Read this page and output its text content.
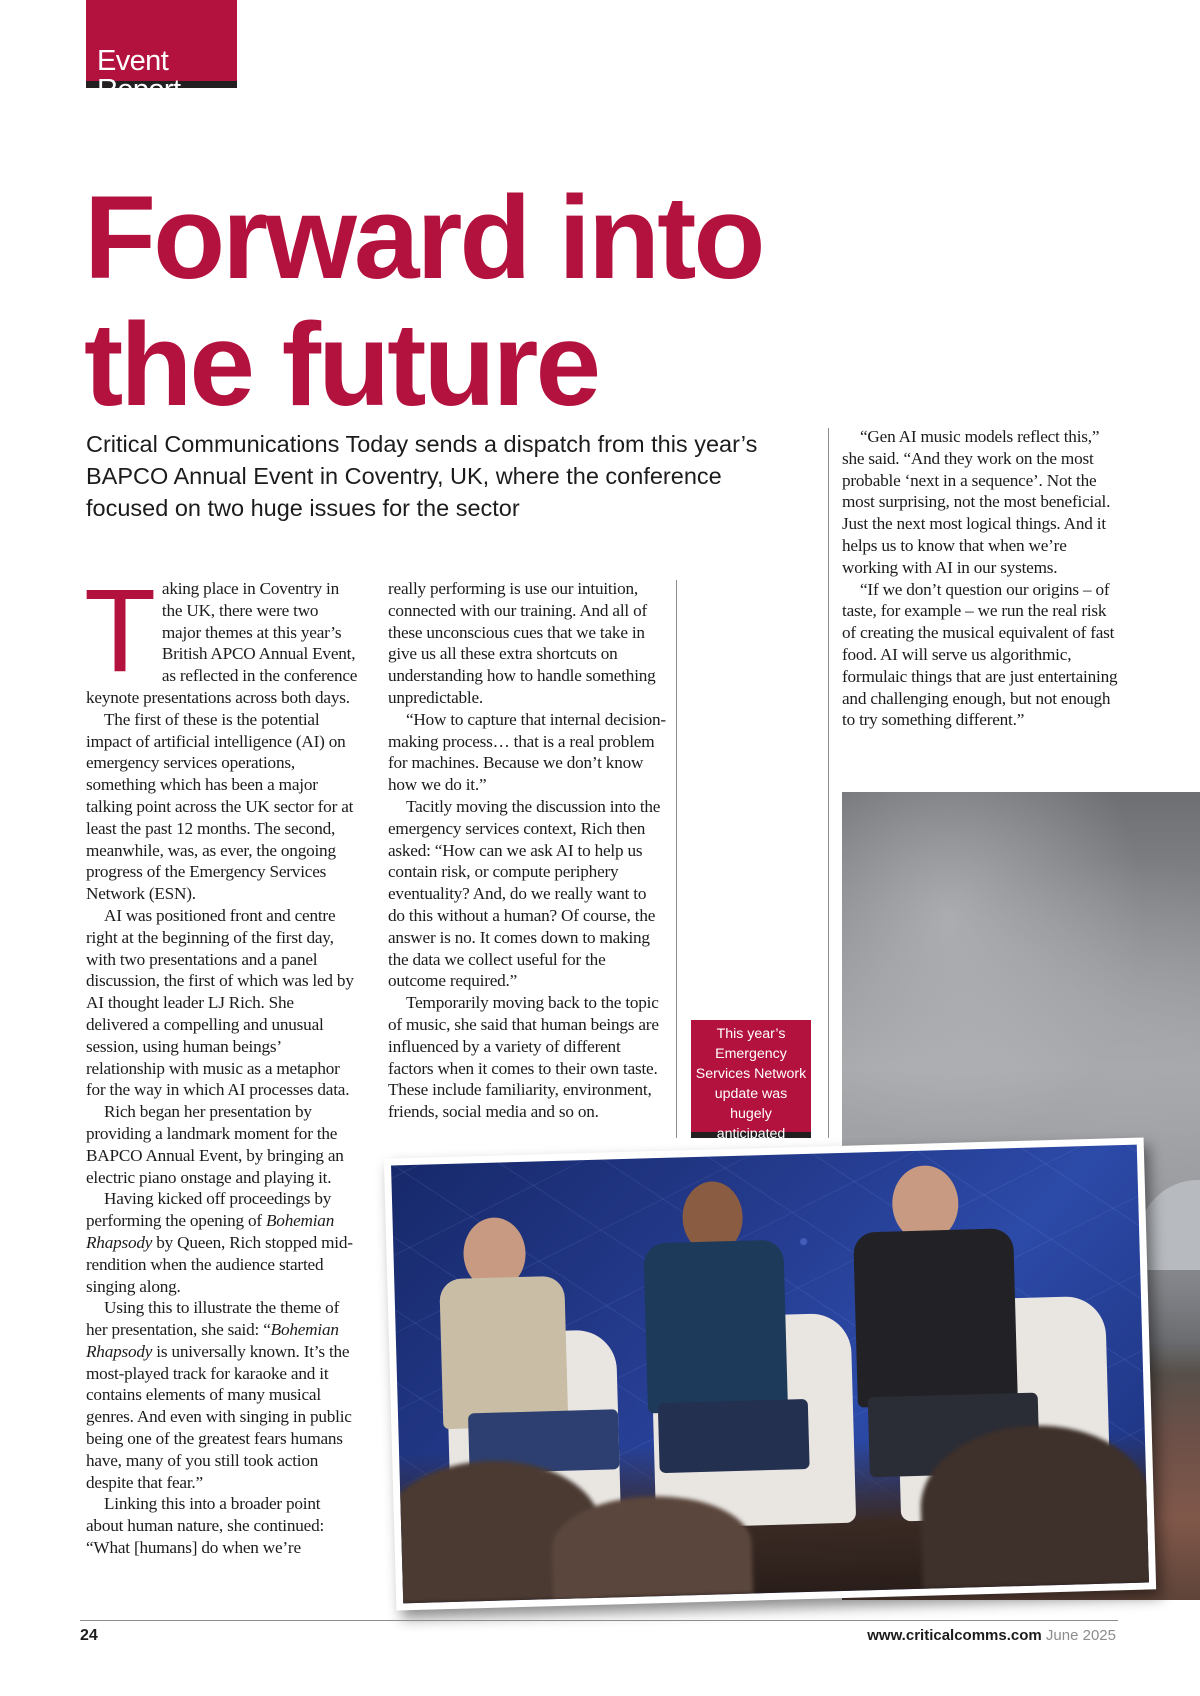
Event Report
Forward into the future

Critical Communications Today sends a dispatch from this year’s BAPCO Annual Event in Coventry, UK, where the conference focused on two huge issues for the sector

Taking place in Coventry in the UK, there were two major themes at this year’s British APCO Annual Event, as reflected in the conference keynote presentations across both days.

The first of these is the potential impact of artificial intelligence (AI) on emergency services operations, something which has been a major talking point across the UK sector for at least the past 12 months. The second, meanwhile, was, as ever, the ongoing progress of the Emergency Services Network (ESN).

AI was positioned front and centre right at the beginning of the first day, with two presentations and a panel discussion, the first of which was led by AI thought leader LJ Rich. She delivered a compelling and unusual session, using human beings’ relationship with music as a metaphor for the way in which AI processes data.

Rich began her presentation by providing a landmark moment for the BAPCO Annual Event, by bringing an electric piano onstage and playing it.

Having kicked off proceedings by performing the opening of Bohemian Rhapsody by Queen, Rich stopped mid-rendition when the audience started singing along.

Using this to illustrate the theme of her presentation, she said: “Bohemian Rhapsody is universally known. It’s the most-played track for karaoke and it contains elements of many musical genres. And even with singing in public being one of the greatest fears humans have, many of you still took action despite that fear.”

Linking this into a broader point about human nature, she continued: “What [humans] do when we’re

really performing is use our intuition, connected with our training. And all of these unconscious cues that we take in give us all these extra shortcuts on understanding how to handle something unpredictable.

“How to capture that internal decision-making process… that is a real problem for machines. Because we don’t know how we do it.”

Tacitly moving the discussion into the emergency services context, Rich then asked: “How can we ask AI to help us contain risk, or compute periphery eventuality? And, do we really want to do this without a human? Of course, the answer is no. It comes down to making the data we collect useful for the outcome required.”

Temporarily moving back to the topic of music, she said that human beings are influenced by a variety of different factors when it comes to their own taste. These include familiarity, environment, friends, social media and so on.

“Gen AI music models reflect this,” she said. “And they work on the most probable ‘next in a sequence’. Not the most surprising, not the most beneficial. Just the next most logical things. And it helps us to know that when we’re working with AI in our systems.

“If we don’t question our origins – of taste, for example – we run the real risk of creating the musical equivalent of fast food. AI will serve us algorithmic, formulaic things that are just entertaining and challenging enough, but not enough to try something different.”

This year’s Emergency Services Network update was hugely anticipated
24	www.criticalcomms.com June 2025
